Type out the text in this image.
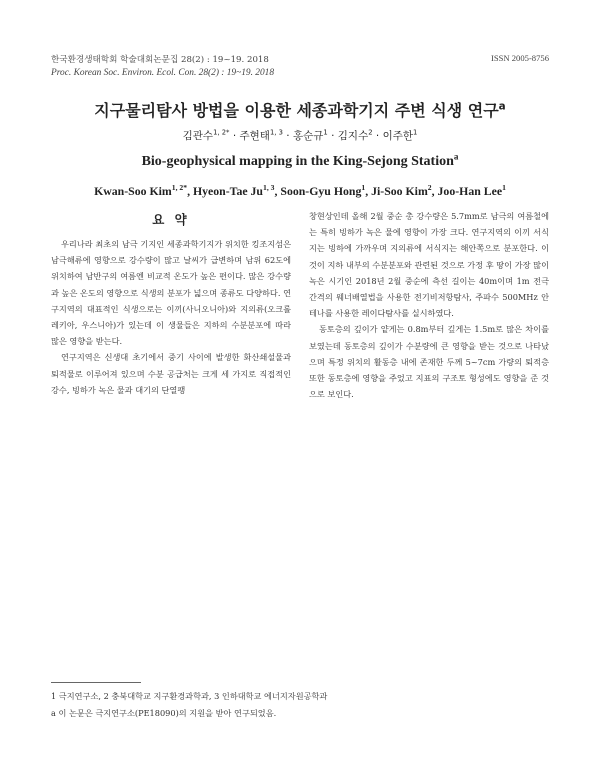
한국환경생태학회 학술대회논문집 28(2) : 19~19. 2018
Proc. Korean Soc. Environ. Ecol. Con. 28(2) : 19~19. 2018
ISSN 2005-8756
지구물리탐사 방법을 이용한 세종과학기지 주변 식생 연구$^a$
김관수$^{1, 2*}$ · 주현태$^{1, 3}$ · 홍순규$^1$ · 김지수$^2$ · 이주한$^1$
Bio-geophysical mapping in the King-Sejong Station$^a$
Kwan-Soo Kim$^{1, 2*}$, Hyeon-Tae Ju$^{1, 3}$, Soon-Gyu Hong$^1$, Ji-Soo Kim$^2$, Joo-Han Lee$^1$
요 약

우리나라 최초의 남극 기지인 세종과학기지가 위치한 킹조지섬은 남극해류에 영향으로 강수량이 많고 날씨가 급변하며 남위 62도에 위치하여 남반구의 여름엔 비교적 온도가 높은 편이다. 많은 강수량과 높은 온도의 영향으로 식생의 분포가 넓으며 종류도 다양하다. 연구지역의 대표적인 식생으로는 이끼(사니오니아)와 지의류(오크롤레키아, 우스니아)가 있는데 이 생물들은 지하의 수분분포에 따라 많은 영향을 받는다.

연구지역은 신생대 초기에서 중기 사이에 발생한 화산쇄설물과 퇴적물로 이루어져 있으며 수분 공급처는 크게 세 가지로 직접적인 강수, 빙하가 녹은 물과 대기의 단열팽

창현상인데 올해 2월 중순 총 강수량은 5.7mm로 남극의 여름철에는 특히 빙하가 녹은 물에 영향이 가장 크다. 연구지역의 이끼 서식지는 빙하에 가까우며 지의류에 서식지는 해안쪽으로 분포한다. 이것이 지하 내부의 수분분포와 관련된 것으로 가정 후 땅이 가장 많이 녹은 시기인 2018년 2월 중순에 측선 길이는 40m이며 1m 전극 간격의 웨너배열법을 사용한 전기비저항탐사, 주파수 500MHz 안테나를 사용한 레이다탐사를 실시하였다.

동토층의 깊이가 얕게는 0.8m부터 깊게는 1.5m로 많은 차이를 보였는데 동토층의 깊이가 수분량에 큰 영향을 받는 것으로 나타났으며 특정 위치의 활동층 내에 존재한 두께 5~7cm 가량의 퇴적층 또한 동토층에 영향을 주었고 지표의 구조토 형성에도 영향을 준 것으로 보인다.

1 극지연구소, 2 충북대학교 지구환경과학과, 3 인하대학교 에너지자원공학과
a 이 논문은 극지연구소(PE18090)의 지원을 받아 연구되었음.
